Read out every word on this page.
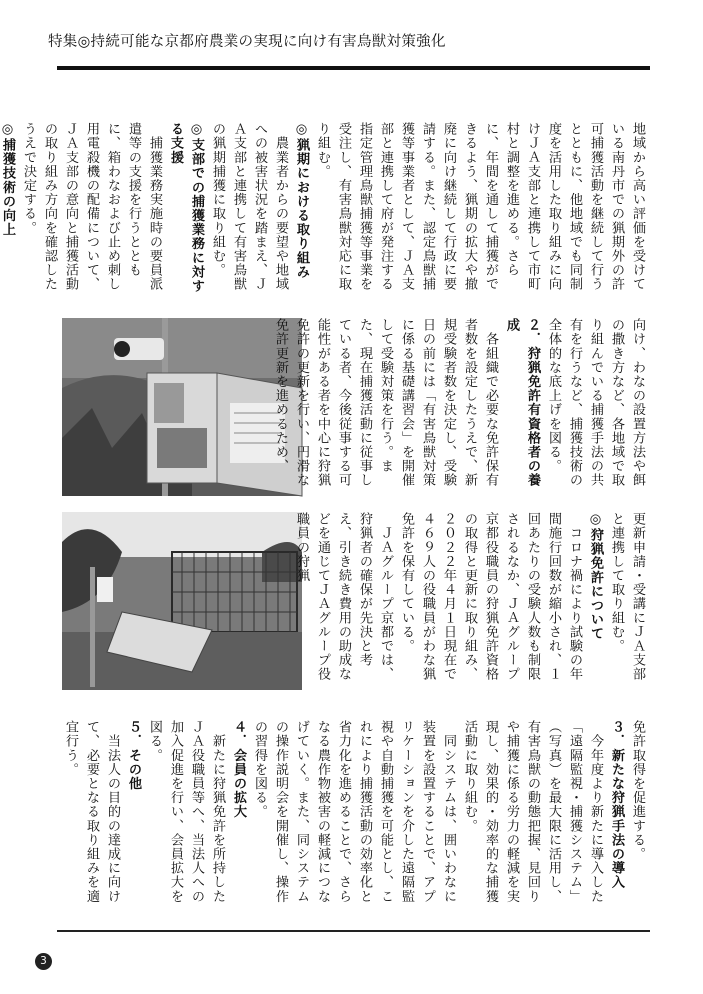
特集◎持続可能な京都府農業の実現に向け有害鳥獣対策強化
地域から高い評価を受けている南丹市での猟期外の許可捕獲活動を継続して行うとともに、他地域でも同制度を活用した取り組みに向けＪＡ支部と連携して市町村と調整を進める。さらに、年間を通して捕獲ができるよう、猟期の拡大や撤廃に向け継続して行政に要請する。また、認定鳥獣捕獲等事業者として、ＪＡ支部と連携して府が発注する指定管理鳥獣捕獲等事業を受注し、有害鳥獣対応に取り組む。
◎猟期における取り組み
　農業者からの要望や地域への被害状況を踏まえ、ＪＡ支部と連携して有害鳥獣の猟期捕獲に取り組む。
◎支部での捕獲業務に対する支援
　捕獲業務実施時の要員派遣等の支援を行うとともに、箱わなおよび止め刺し用電殺機の配備について、ＪＡ支部の意向と捕獲活動の取り組み方向を確認したうえで決定する。
◎捕獲技術の向上
向け、わなの設置方法や餌の撒き方など、各地域で取り組んでいる捕獲手法の共有を行うなど、捕獲技術の全体的な底上げを図る。
２．狩猟免許有資格者の養成
　各組織で必要な免許保有者数を設定したうえで、新規受験者数を決定し、受験日の前には「有害鳥獣対策に係る基礎講習会」を開催して受験対策を行う。また、現在捕獲活動に従事している者、今後従事する可能性がある者を中心に狩猟免許の更新を行い、円滑な免許更新を進めるため、
更新申請・受講にＪＡ支部と連携して取り組む。
◎狩猟免許について
　コロナ禍により試験の年間施行回数が縮小され、１回あたりの受験人数も制限されるなか、ＪＡグループ京都役職員の狩猟免許資格の取得と更新に取り組み、２０２２年４月１日現在で４６９人の役職員がわな猟免許を保有している。
　ＪＡグループ京都では、狩猟者の確保が先決と考え、引き続き費用の助成などを通じてＪＡグループ役職員の狩猟
免許取得を促進する。
３．新たな狩猟手法の導入
　今年度より新たに導入した「遠隔監視・捕獲システム」（写真）を最大限に活用し、有害鳥獣の動態把握、見回りや捕獲に係る労力の軽減を実現し、効果的・効率的な捕獲活動に取り組む。
　同システムは、囲いわなに装置を設置することで、アプリケーションを介した遠隔監視や自動捕獲を可能とし、これにより捕獲活動の効率化と省力化を進めることで、さらなる農作物被害の軽減につなげていく。また、同システムの操作説明会を開催し、操作の習得を図る。
４．会員の拡大
　新たに狩猟免許を所持したＪＡ役職員等へ、当法人への加入促進を行い、会員拡大を図る。
５．その他
　当法人の目的の達成に向けて、必要となる取り組みを適宜行う。
3
